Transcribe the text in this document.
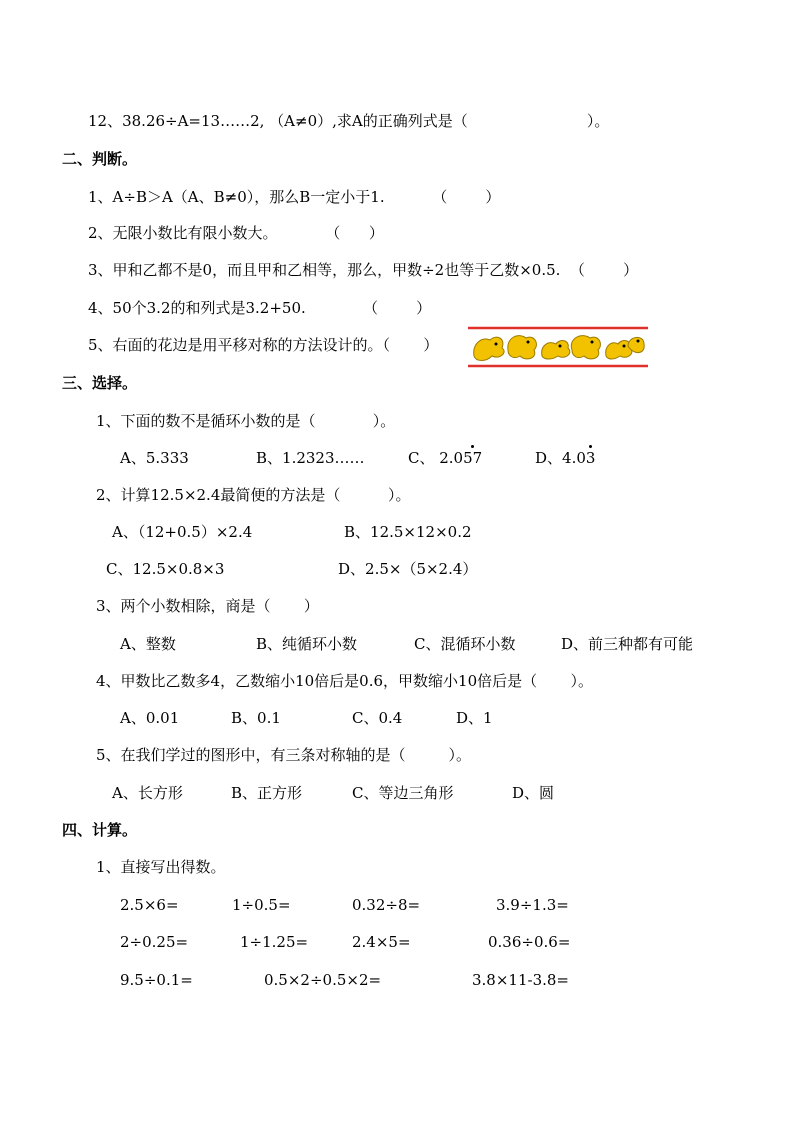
12、38.26÷A=13……2, （A≠0）,求A的正确列式是（                         ）。
二、判断。
1、A÷B＞A（A、B≠0），那么B一定小于1.          （        ）
2、无限小数比有限小数大。          （      ）
3、甲和乙都不是0，而且甲和乙相等，那么，甲数÷2也等于乙数×0.5.  （        ）
4、50个3.2的和列式是3.2+50.            （        ）
5、右面的花边是用平移对称的方法设计的。（       ）
三、选择。
1、下面的数不是循环小数的是（            ）。
A、5.333	B、1.2323……	C、 2.057	D、4.03
2、计算12.5×2.4最简便的方法是（          ）。
A、（12+0.5）×2.4	B、12.5×12×0.2
C、12.5×0.8×3	D、2.5×（5×2.4）
3、两个小数相除，商是（       ）
A、整数	B、纯循环小数	C、混循环小数	D、前三种都有可能
4、甲数比乙数多4，乙数缩小10倍后是0.6，甲数缩小10倍后是（       ）。
A、0.01	B、0.1	C、0.4	D、1
5、在我们学过的图形中，有三条对称轴的是（         ）。
A、长方形	B、正方形	C、等边三角形	D、圆
四、计算。
1、直接写出得数。
2.5×6=	1÷0.5=	0.32÷8=	3.9÷1.3=
2÷0.25=	1÷1.25=	2.4×5=	0.36÷0.6=
9.5÷0.1=	0.5×2÷0.5×2=	3.8×11-3.8=
